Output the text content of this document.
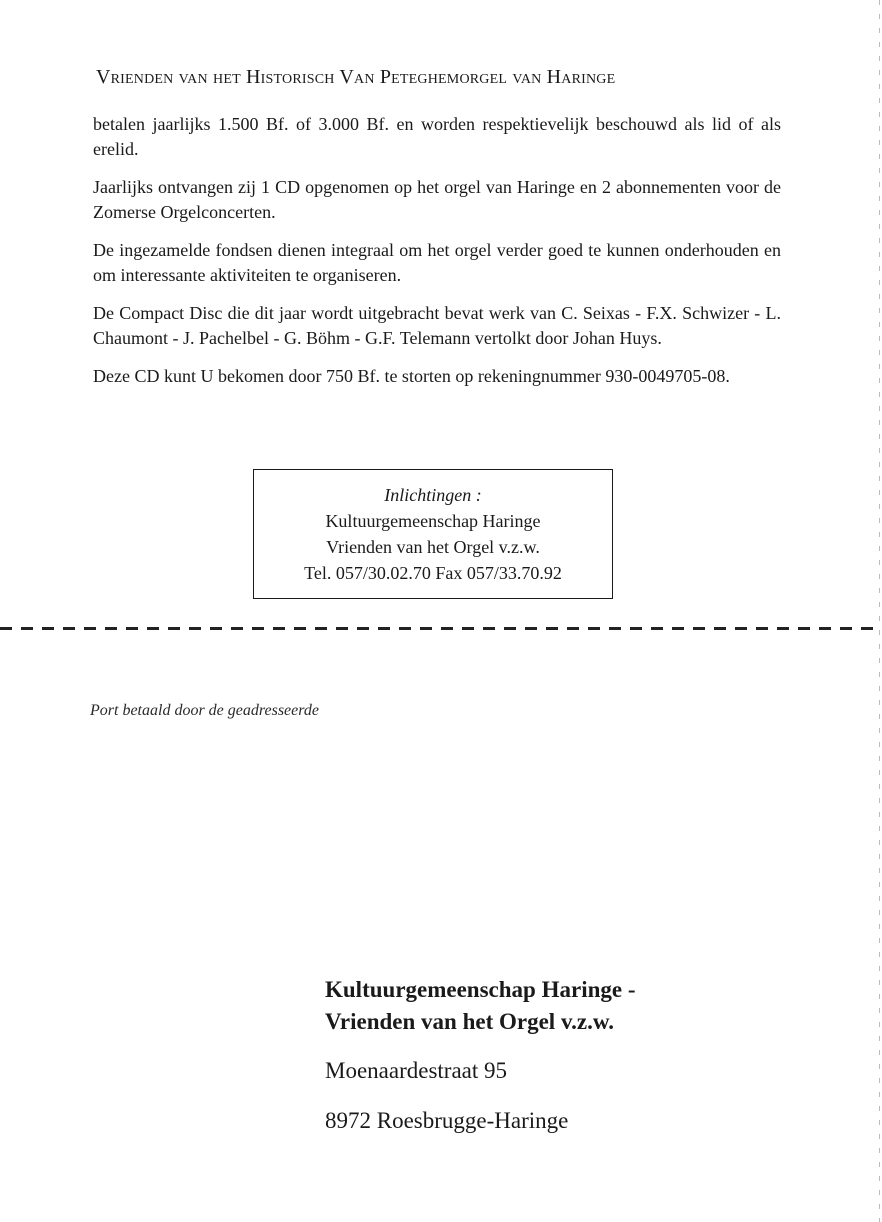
Vrienden van het Historisch Van Peteghemorgel van Haringe

betalen jaarlijks 1.500 Bf. of 3.000 Bf. en worden respektievelijk beschouwd als lid of als erelid.

Jaarlijks ontvangen zij 1 CD opgenomen op het orgel van Haringe en 2 abonnementen voor de Zomerse Orgelconcerten.

De ingezamelde fondsen dienen integraal om het orgel verder goed te kunnen onderhouden en om interessante aktiviteiten te organiseren.

De Compact Disc die dit jaar wordt uitgebracht bevat werk van C. Seixas - F.X. Schwizer - L. Chaumont - J. Pachelbel - G. Böhm - G.F. Telemann vertolkt door Johan Huys.

Deze CD kunt U bekomen door 750 Bf. te storten op rekeningnummer 930-0049705-08.

Inlichtingen :
Kultuurgemeenschap Haringe
Vrienden van het Orgel v.z.w.
Tel. 057/30.02.70 Fax 057/33.70.92
Port betaald door de geadresseerde
Kultuurgemeenschap Haringe -
Vrienden van het Orgel v.z.w.
Moenaardestraat 95
8972 Roesbrugge-Haringe
